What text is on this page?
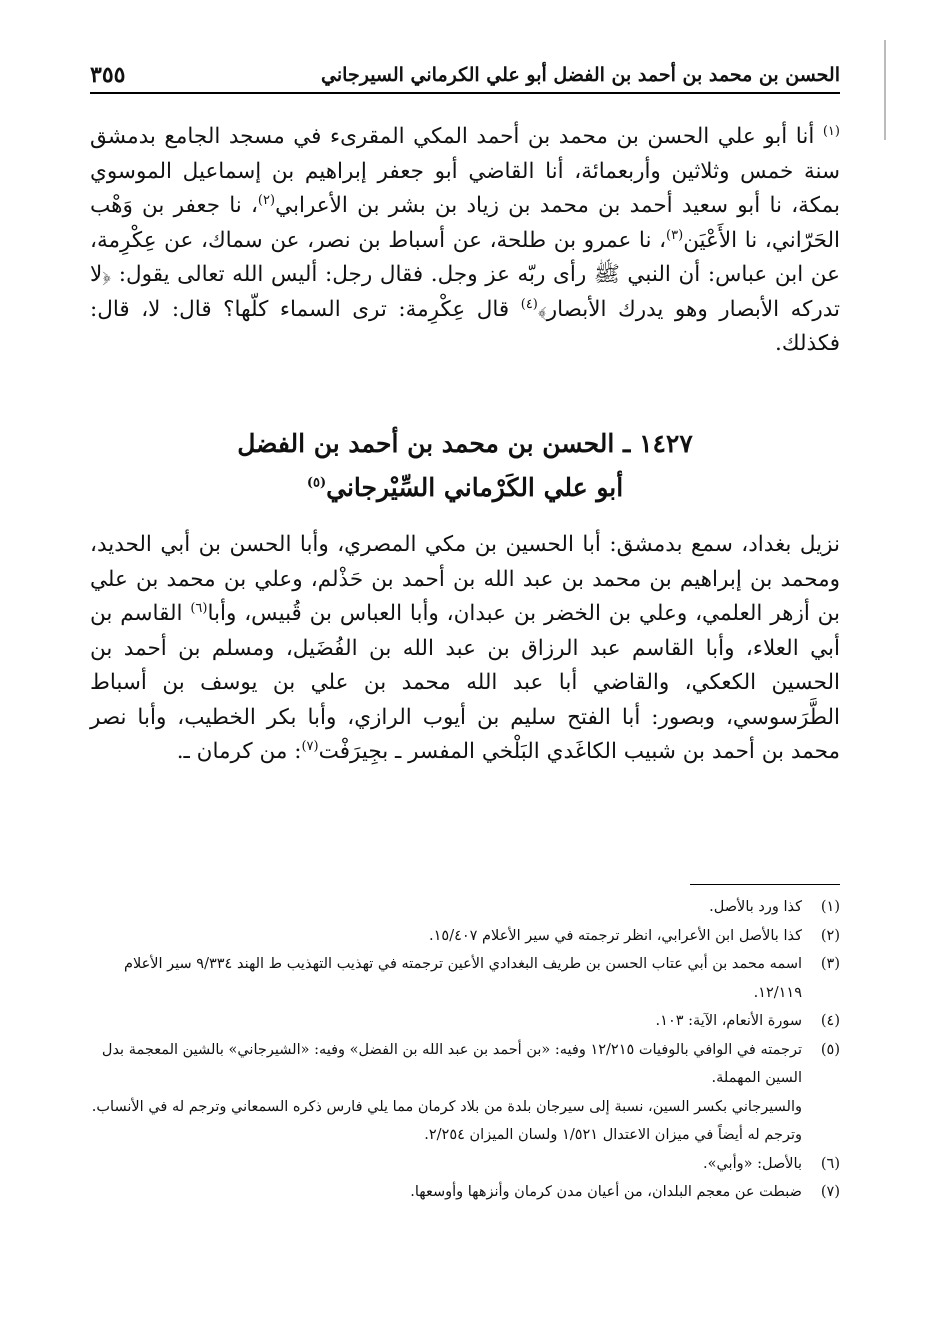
الحسن بن محمد بن أحمد بن الفضل أبو علي الكرماني السيرجاني
٣٥٥
$^{(١)}$ أنا أبو علي الحسن بن محمد بن أحمد المكي المقرىء في مسجد الجامع بدمشق سنة خمس وثلاثين وأربعمائة، أنا القاضي أبو جعفر إبراهيم بن إسماعيل الموسوي بمكة، نا أبو سعيد أحمد بن محمد بن زياد بن بشر بن الأعرابي$^{(٢)}$، نا جعفر بن وَهْب الحَرّاني، نا الأَعْيَن$^{(٣)}$، نا عمرو بن طلحة، عن أسباط بن نصر، عن سماك، عن عِكْرِمة، عن ابن عباس: أن النبي ﷺ رأى ربّه عز وجل. فقال رجل: أليس الله تعالى يقول: ﴿لا تدركه الأبصار وهو يدرك الأبصار﴾$^{(٤)}$ قال عِكْرِمة: ترى السماء كلّها؟ قال: لا، قال: فكذلك.
١٤٢٧ ـ الحسن بن محمد بن أحمد بن الفضل
أبو علي الكَرْماني السِّيْرجاني$^{(٥)}$
نزيل بغداد، سمع بدمشق: أبا الحسين بن مكي المصري، وأبا الحسن بن أبي الحديد، ومحمد بن إبراهيم بن محمد بن عبد الله بن أحمد بن حَذْلم، وعلي بن محمد بن علي بن أزهر العلمي، وعلي بن الخضر بن عبدان، وأبا العباس بن قُبيس، وأبا$^{(٦)}$ القاسم بن أبي العلاء، وأبا القاسم عبد الرزاق بن عبد الله بن الفُضَيل، ومسلم بن أحمد بن الحسين الكعكي، والقاضي أبا عبد الله محمد بن علي بن يوسف بن أسباط الطَّرَسوسي، وبصور: أبا الفتح سليم بن أيوب الرازي، وأبا بكر الخطيب، وأبا نصر محمد بن أحمد بن شبيب الكاغَدي البَلْخي المفسر ـ بجِيرَفْت$^{(٧)}$: من كرمان ـ.
(١)
كذا ورد بالأصل.
(٢)
كذا بالأصل ابن الأعرابي، انظر ترجمته في سير الأعلام ١٥/٤٠٧.
(٣)
اسمه محمد بن أبي عتاب الحسن بن طريف البغدادي الأعين ترجمته في تهذيب التهذيب ط الهند ٩/٣٣٤ سير الأعلام ١٢/١١٩.
(٤)
سورة الأنعام، الآية: ١٠٣.
(٥)
ترجمته في الوافي بالوفيات ١٢/٢١٥ وفيه: «بن أحمد بن عبد الله بن الفضل» وفيه: «الشيرجاني» بالشين المعجمة بدل السين المهملة.
والسيرجاني بكسر السين، نسبة إلى سيرجان بلدة من بلاد كرمان مما يلي فارس ذكره السمعاني وترجم له في الأنساب.
وترجم له أيضاً في ميزان الاعتدال ١/٥٢١ ولسان الميزان ٢/٢٥٤.
(٦)
بالأصل: «وأبي».
(٧)
ضبطت عن معجم البلدان، من أعيان مدن كرمان وأنزهها وأوسعها.
